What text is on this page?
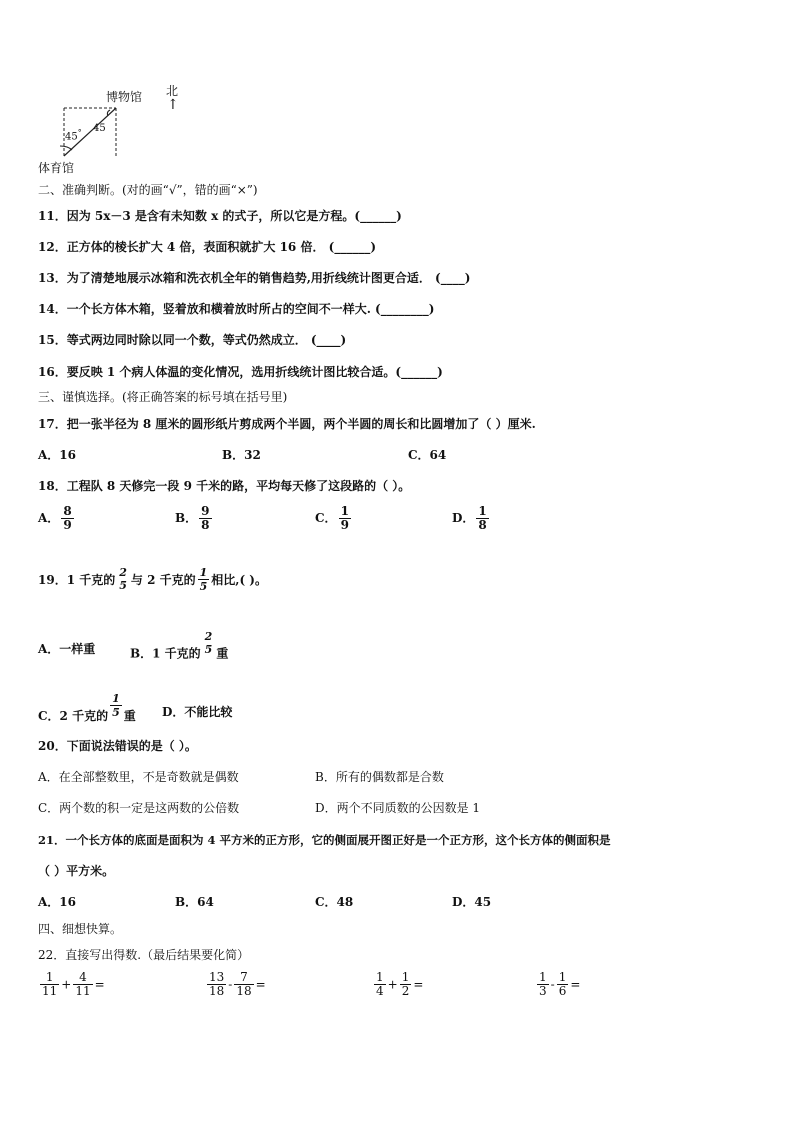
博物馆
体育馆
北
↑
45° 45
二、准确判断。(对的画“√”，错的画“×”)
11．因为 5x－3 是含有未知数 x 的式子，所以它是方程。(______)
12．正方体的棱长扩大 4 倍，表面积就扩大 16 倍． (______)
13．为了清楚地展示冰箱和洗衣机全年的销售趋势,用折线统计图更合适． (____)
14．一个长方体木箱，竖着放和横着放时所占的空间不一样大. (________)
15．等式两边同时除以同一个数，等式仍然成立． (____)
16．要反映 1 个病人体温的变化情况，选用折线统计图比较合适。(______)
三、谨慎选择。(将正确答案的标号填在括号里)
17．把一张半径为 8 厘米的圆形纸片剪成两个半圆，两个半圆的周长和比圆增加了（ ）厘米.
A．16	B．32	C．64
18．工程队 8 天修完一段 9 千米的路，平均每天修了这段路的（ ）。
A． $\frac{8}{9}$	B． $\frac{9}{8}$	C． $\frac{1}{9}$	D． $\frac{1}{8}$
19．1 千克的
2
5 与 2 千克的 $\frac{1}{5}$ 相比,( )。
A．一样重	B．1 千克的
2
5 重
C．2 千克的 $\frac{1}{5}$ 重 D．不能比较
20．下面说法错误的是（ ）。
A．在全部整数里，不是奇数就是偶数	B．所有的偶数都是合数
C．两个数的积一定是这两数的公倍数	D．两个不同质数的公因数是 1
21．一个长方体的底面是面积为 4 平方米的正方形，它的侧面展开图正好是一个正方形，这个长方体的侧面积是
（ ）平方米。
A．16	B．64	C．48	D．45
四、细想快算。
22．直接写出得数.（最后结果要化简）
$\frac{1}{11} + \frac{4}{11}$ =	$\frac{13}{18} - \frac{7}{18}$ =	$\frac{1}{4} + \frac{1}{2}$ =	$\frac{1}{3} - \frac{1}{6}$ =
